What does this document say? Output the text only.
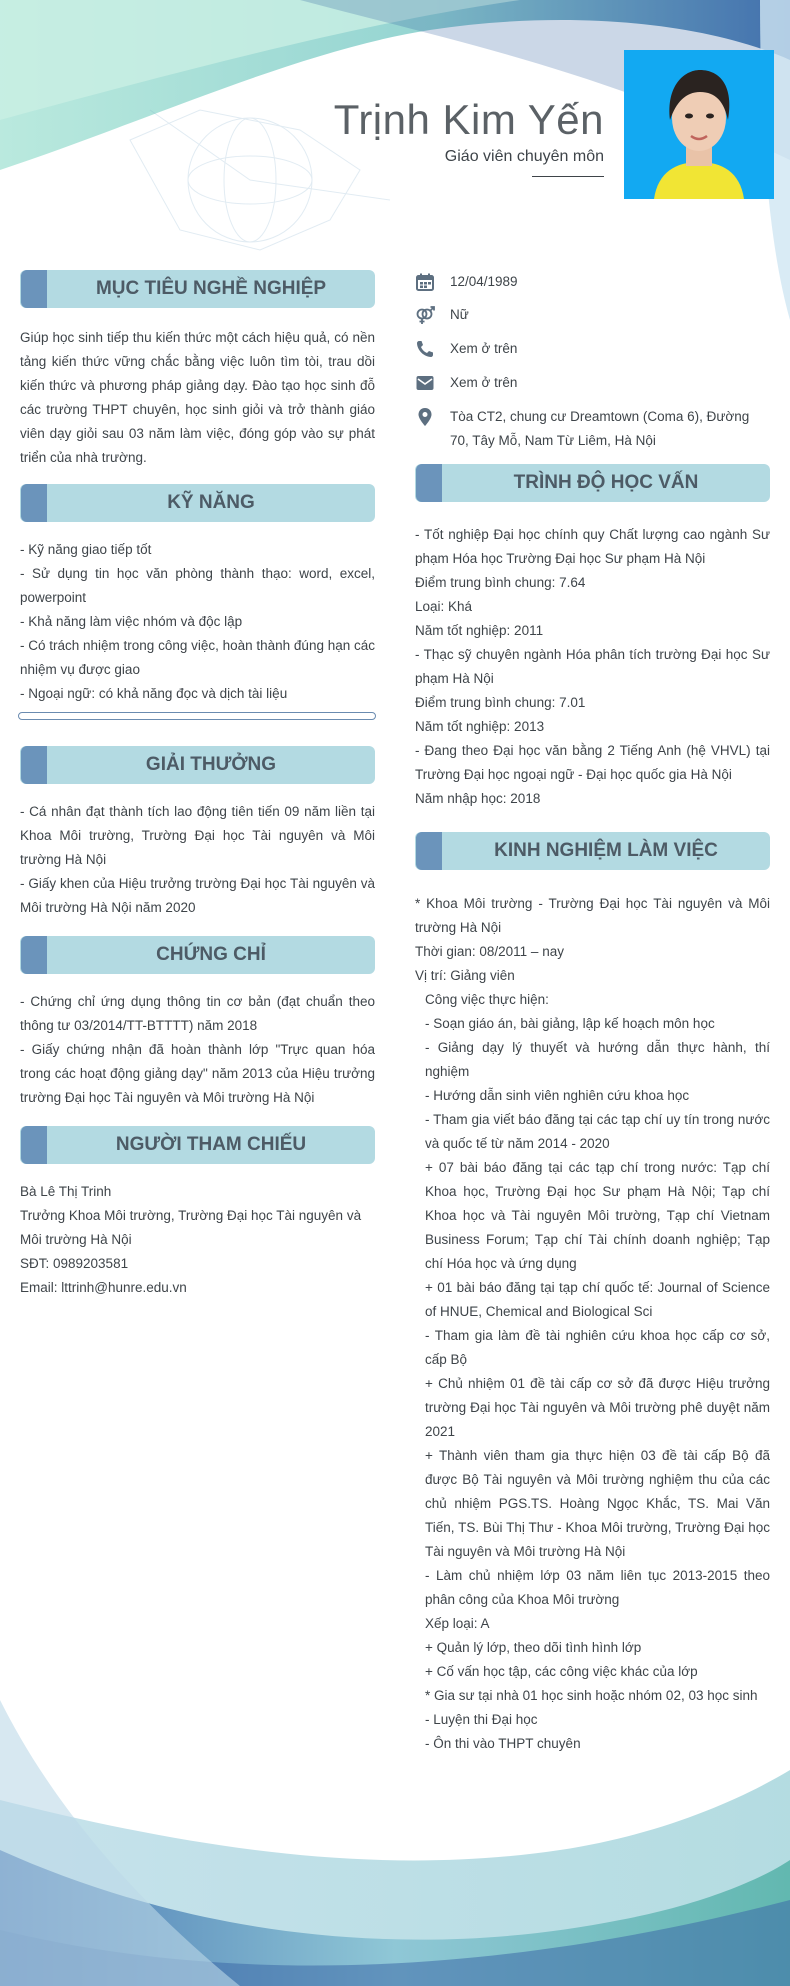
Trịnh Kim Yến
Giáo viên chuyên môn
MỤC TIÊU NGHỀ NGHIỆP
Giúp học sinh tiếp thu kiến thức một cách hiệu quả, có nền tảng kiến thức vững chắc bằng việc luôn tìm tòi, trau dồi kiến thức và phương pháp giảng dạy. Đào tạo học sinh đỗ các trường THPT chuyên, học sinh giỏi và trở thành giáo viên dạy giỏi sau 03 năm làm việc, đóng góp vào sự phát triển của nhà trường.
KỸ NĂNG

- Kỹ năng giao tiếp tốt

- Sử dụng tin học văn phòng thành thạo: word, excel, powerpoint

- Khả năng làm việc nhóm và độc lập

- Có trách nhiệm trong công việc, hoàn thành đúng hạn các nhiệm vụ được giao

- Ngoại ngữ: có khả năng đọc và dịch tài liệu

GIẢI THƯỞNG

- Cá nhân đạt thành tích lao động tiên tiến 09 năm liền tại Khoa Môi trường, Trường Đại học Tài nguyên và Môi trường Hà Nội

- Giấy khen của Hiệu trưởng trường Đại học Tài nguyên và Môi trường Hà Nội năm 2020

CHỨNG CHỈ

- Chứng chỉ ứng dụng thông tin cơ bản (đạt chuẩn theo thông tư 03/2014/TT-BTTTT) năm 2018

- Giấy chứng nhận đã hoàn thành lớp "Trực quan hóa trong các hoạt động giảng dạy" năm 2013 của Hiệu trưởng trường Đại học Tài nguyên và Môi trường Hà Nội

NGƯỜI THAM CHIẾU

Bà Lê Thị Trinh

Trưởng Khoa Môi trường, Trường Đại học Tài nguyên và Môi trường Hà Nội

SĐT: 0989203581

Email: lttrinh@hunre.edu.vn

12/04/1989
Nữ
Xem ở trên
Xem ở trên
Tòa CT2, chung cư Dreamtown (Coma 6), Đường 70, Tây Mỗ, Nam Từ Liêm, Hà Nội
TRÌNH ĐỘ HỌC VẤN

- Tốt nghiệp Đại học chính quy Chất lượng cao ngành Sư phạm Hóa học Trường Đại học Sư phạm Hà Nội

Điểm trung bình chung: 7.64

Loại: Khá

Năm tốt nghiệp: 2011

- Thạc sỹ chuyên ngành Hóa phân tích trường Đại học Sư phạm Hà Nội

Điểm trung bình chung: 7.01

Năm tốt nghiệp: 2013

- Đang theo Đại học văn bằng 2 Tiếng Anh (hệ VHVL) tại Trường Đại học ngoại ngữ - Đại học quốc gia Hà Nội

Năm nhập học: 2018

KINH NGHIỆM LÀM VIỆC

* Khoa Môi trường - Trường Đại học Tài nguyên và Môi trường Hà Nội

Thời gian: 08/2011 – nay

Vị trí: Giảng viên

Công việc thực hiện:

- Soạn giáo án, bài giảng, lập kế hoạch môn học

- Giảng dạy lý thuyết và hướng dẫn thực hành, thí nghiệm

- Hướng dẫn sinh viên nghiên cứu khoa học

- Tham gia viết báo đăng tại các tạp chí uy tín trong nước và quốc tế từ năm 2014 - 2020

+ 07 bài báo đăng tại các tạp chí trong nước: Tạp chí Khoa học, Trường Đại học Sư phạm Hà Nội; Tạp chí Khoa học và Tài nguyên Môi trường, Tạp chí Vietnam Business Forum; Tạp chí Tài chính doanh nghiệp; Tạp chí Hóa học và ứng dụng

+ 01 bài báo đăng tại tạp chí quốc tế: Journal of Science of HNUE, Chemical and Biological Sci

- Tham gia làm đề tài nghiên cứu khoa học cấp cơ sở, cấp Bộ

+ Chủ nhiệm 01 đề tài cấp cơ sở đã được Hiệu trưởng trường Đại học Tài nguyên và Môi trường phê duyệt năm 2021

+ Thành viên tham gia thực hiện 03 đề tài cấp Bộ đã được Bộ Tài nguyên và Môi trường nghiệm thu của các chủ nhiệm PGS.TS. Hoàng Ngọc Khắc, TS. Mai Văn Tiến, TS. Bùi Thị Thư - Khoa Môi trường, Trường Đại học Tài nguyên và Môi trường Hà Nội

- Làm chủ nhiệm lớp 03 năm liên tục 2013-2015 theo phân công của Khoa Môi trường

Xếp loại: A

+ Quản lý lớp, theo dõi tình hình lớp

+ Cố vấn học tập, các công việc khác của lớp

* Gia sư tại nhà 01 học sinh hoặc nhóm 02, 03 học sinh

- Luyện thi Đại học

- Ôn thi vào THPT chuyên
